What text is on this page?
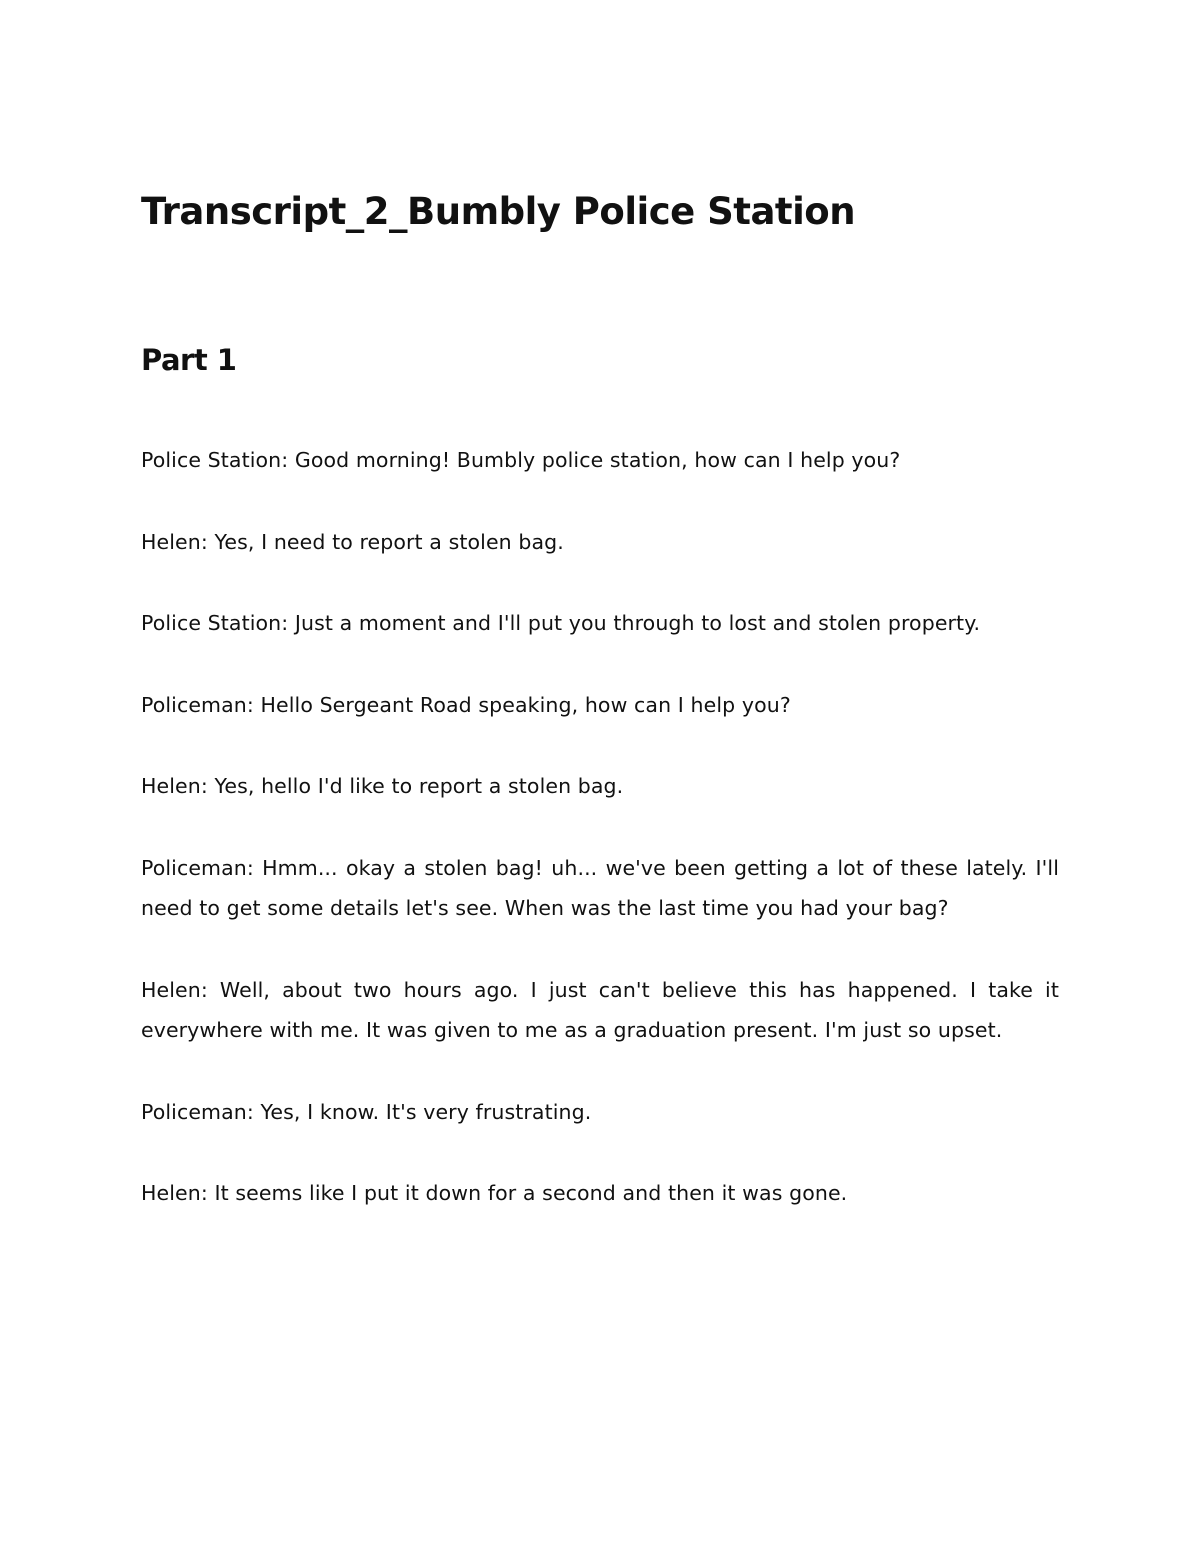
Transcript_2_Bumbly Police Station
Part 1

Police Station: Good morning! Bumbly police station, how can I help you?

Helen: Yes, I need to report a stolen bag.

Police Station: Just a moment and I'll put you through to lost and stolen property.

Policeman: Hello Sergeant Road speaking, how can I help you?

Helen: Yes, hello I'd like to report a stolen bag.

Policeman: Hmm... okay a stolen bag! uh... we've been getting a lot of these lately. I'll need to get some details let's see. When was the last time you had your bag?

Helen: Well, about two hours ago. I just can't believe this has happened. I take it everywhere with me. It was given to me as a graduation present. I'm just so upset.

Policeman: Yes, I know. It's very frustrating.

Helen: It seems like I put it down for a second and then it was gone.
